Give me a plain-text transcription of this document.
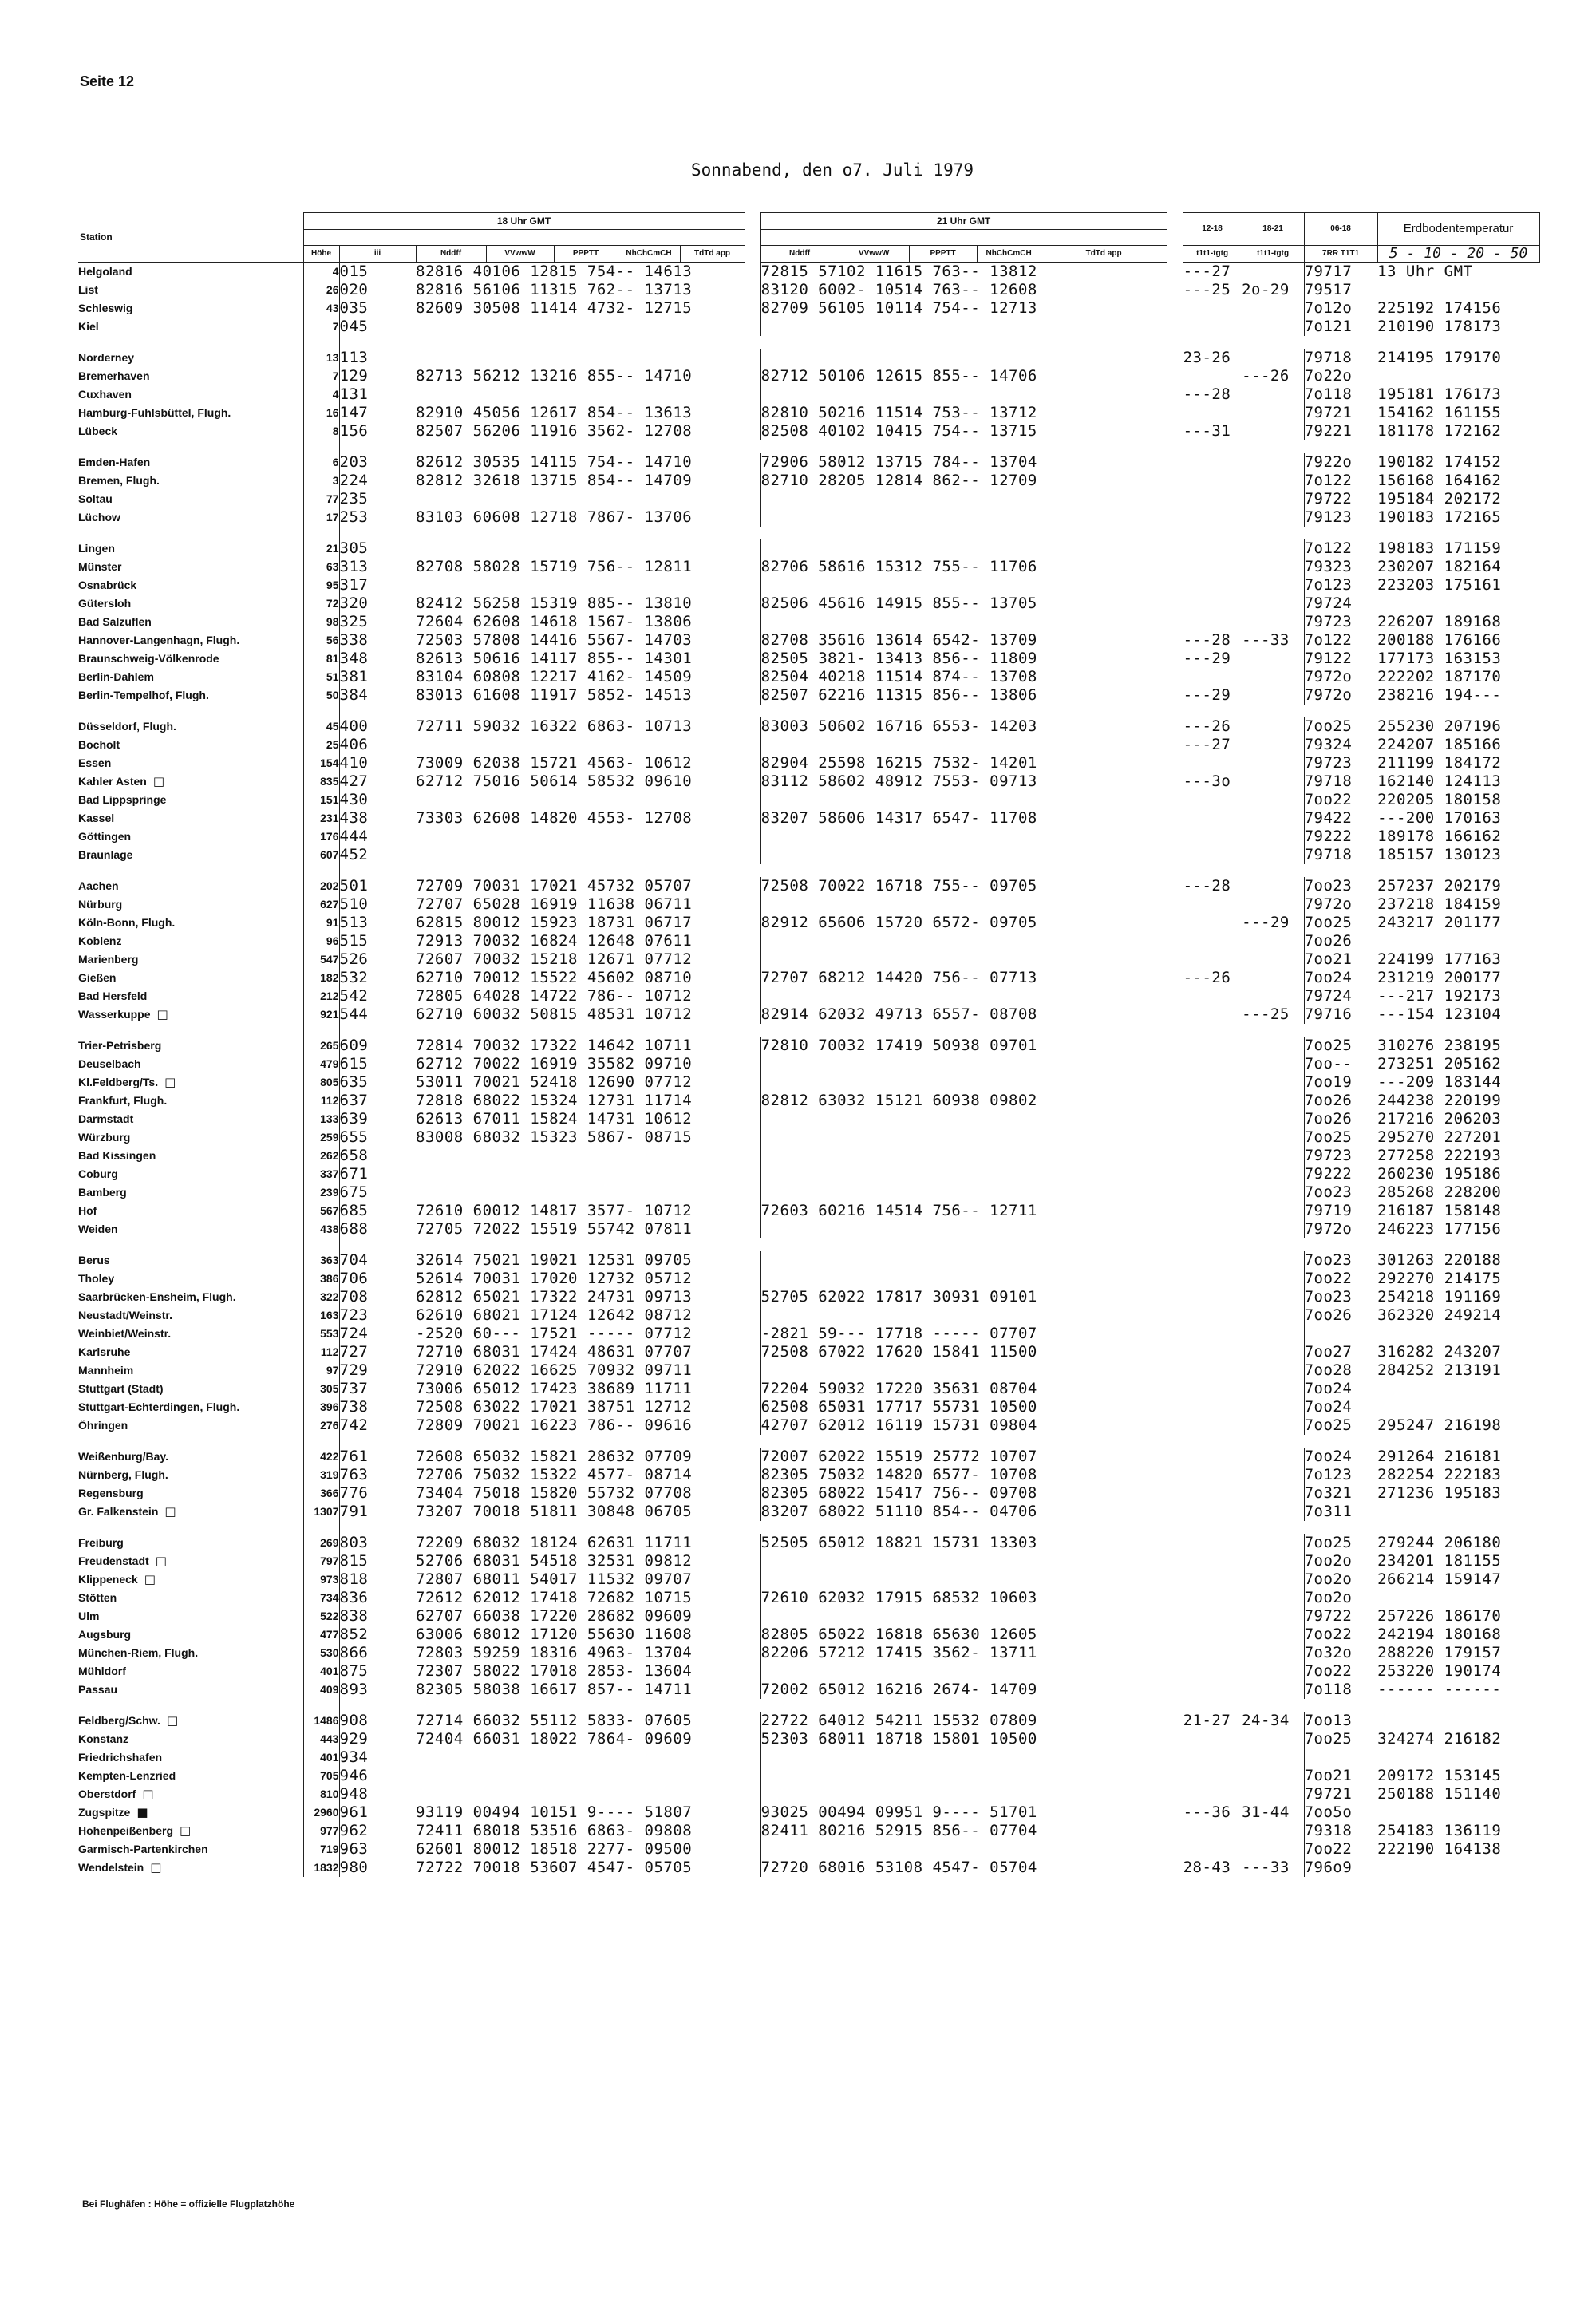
Seite 12
Sonnabend, den o7. Juli 1979
Station	18 Uhr GMT								21 Uhr GMT							12-18	18-21	06-18	Erdbodentemperatur

	Höhe	iii	Nddff	VVwwW	PPPTT	NhChCmCH	TdTd app		Nddff	VVwwW	PPPTT	NhChCmCH	TdTd app			t1t1-tgtg	t1t1-tgtg	7RR T1T1	5 - 10 - 20 - 50
Helgoland	4	015	82816 40106 12815 754-- 14613						72815 57102 11615 763-- 13812							---27		79717	13 Uhr GMT
List	26	020	82816 56106 11315 762-- 13713						83120 6002- 10514 763-- 12608							---25	2o-29	79517	
Schleswig	43	035	82609 30508 11414 4732- 12715						82709 56105 10114 754-- 12713									7o12o	225192 174156
Kiel	7	045																7o121	210190 178173

Norderney	13	113														23-26		79718	214195 179170
Bremerhaven	7	129	82713 56212 13216 855-- 14710						82712 50106 12615 855-- 14706								---26	7o22o	
Cuxhaven	4	131														---28		7o118	195181 176173
Hamburg-Fuhlsbüttel, Flugh.	16	147	82910 45056 12617 854-- 13613						82810 50216 11514 753-- 13712									79721	154162 161155
Lübeck	8	156	82507 56206 11916 3562- 12708						82508 40102 10415 754-- 13715							---31		79221	181178 172162

Emden-Hafen	6	203	82612 30535 14115 754-- 14710						72906 58012 13715 784-- 13704									7922o	190182 174152
Bremen, Flugh.	3	224	82812 32618 13715 854-- 14709						82710 28205 12814 862-- 12709									7o122	156168 164162
Soltau	77	235																79722	195184 202172
Lüchow	17	253	83103 60608 12718 7867- 13706															79123	190183 172165

Lingen	21	305																7o122	198183 171159
Münster	63	313	82708 58028 15719 756-- 12811						82706 58616 15312 755-- 11706									79323	230207 182164
Osnabrück	95	317																7o123	223203 175161
Gütersloh	72	320	82412 56258 15319 885-- 13810						82506 45616 14915 855-- 13705									79724	
Bad Salzuflen	98	325	72604 62608 14618 1567- 13806															79723	226207 189168
Hannover-Langenhagn, Flugh.	56	338	72503 57808 14416 5567- 14703						82708 35616 13614 6542- 13709							---28	---33	7o122	200188 176166
Braunschweig-Völkenrode	81	348	82613 50616 14117 855-- 14301						82505 3821- 13413 856-- 11809							---29		79122	177173 163153
Berlin-Dahlem	51	381	83104 60808 12217 4162- 14509						82504 40218 11514 874-- 13708									7972o	222202 187170
Berlin-Tempelhof, Flugh.	50	384	83013 61608 11917 5852- 14513						82507 62216 11315 856-- 13806							---29		7972o	238216 194---

Düsseldorf, Flugh.	45	400	72711 59032 16322 6863- 10713						83003 50602 16716 6553- 14203							---26		7oo25	255230 207196
Bocholt	25	406														---27		79324	224207 185166
Essen	154	410	73009 62038 15721 4563- 10612						82904 25598 16215 7532- 14201									79723	211199 184172
Kahler Asten □	835	427	62712 75016 50614 58532 09610						83112 58602 48912 7553- 09713							---3o		79718	162140 124113
Bad Lippspringe	151	430																7oo22	220205 180158
Kassel	231	438	73303 62608 14820 4553- 12708						83207 58606 14317 6547- 11708									79422	---200 170163
Göttingen	176	444																79222	189178 166162
Braunlage	607	452																79718	185157 130123

Aachen	202	501	72709 70031 17021 45732 05707						72508 70022 16718 755-- 09705							---28		7oo23	257237 202179
Nürburg	627	510	72707 65028 16919 11638 06711															7972o	237218 184159
Köln-Bonn, Flugh.	91	513	62815 80012 15923 18731 06717						82912 65606 15720 6572- 09705								---29	7oo25	243217 201177
Koblenz	96	515	72913 70032 16824 12648 07611															7oo26	
Marienberg	547	526	72607 70032 15218 12671 07712															7oo21	224199 177163
Gießen	182	532	62710 70012 15522 45602 08710						72707 68212 14420 756-- 07713							---26		7oo24	231219 200177
Bad Hersfeld	212	542	72805 64028 14722 786-- 10712															79724	---217 192173
Wasserkuppe □	921	544	62710 60032 50815 48531 10712						82914 62032 49713 6557- 08708								---25	79716	---154 123104

Trier-Petrisberg	265	609	72814 70032 17322 14642 10711						72810 70032 17419 50938 09701									7oo25	310276 238195
Deuselbach	479	615	62712 70022 16919 35582 09710															7oo--	273251 205162
Kl.Feldberg/Ts. □	805	635	53011 70021 52418 12690 07712															7oo19	---209 183144
Frankfurt, Flugh.	112	637	72818 68022 15324 12731 11714						82812 63032 15121 60938 09802									7oo26	244238 220199
Darmstadt	133	639	62613 67011 15824 14731 10612															7oo26	217216 206203
Würzburg	259	655	83008 68032 15323 5867- 08715															7oo25	295270 227201
Bad Kissingen	262	658																79723	277258 222193
Coburg	337	671																79222	260230 195186
Bamberg	239	675																7oo23	285268 228200
Hof	567	685	72610 60012 14817 3577- 10712						72603 60216 14514 756-- 12711									79719	216187 158148
Weiden	438	688	72705 72022 15519 55742 07811															7972o	246223 177156

Berus	363	704	32614 75021 19021 12531 09705															7oo23	301263 220188
Tholey	386	706	52614 70031 17020 12732 05712															7oo22	292270 214175
Saarbrücken-Ensheim, Flugh.	322	708	62812 65021 17322 24731 09713						52705 62022 17817 30931 09101									7oo23	254218 191169
Neustadt/Weinstr.	163	723	62610 68021 17124 12642 08712															7oo26	362320 249214
Weinbiet/Weinstr.	553	724	-2520 60--- 17521 ----- 07712						-2821 59--- 17718 ----- 07707										
Karlsruhe	112	727	72710 68031 17424 48631 07707						72508 67022 17620 15841 11500									7oo27	316282 243207
Mannheim	97	729	72910 62022 16625 70932 09711															7oo28	284252 213191
Stuttgart (Stadt)	305	737	73006 65012 17423 38689 11711						72204 59032 17220 35631 08704									7oo24	
Stuttgart-Echterdingen, Flugh.	396	738	72508 63022 17021 38751 12712						62508 65031 17717 55731 10500									7oo24	
Öhringen	276	742	72809 70021 16223 786-- 09616						42707 62012 16119 15731 09804									7oo25	295247 216198

Weißenburg/Bay.	422	761	72608 65032 15821 28632 07709						72007 62022 15519 25772 10707									7oo24	291264 216181
Nürnberg, Flugh.	319	763	72706 75032 15322 4577- 08714						82305 75032 14820 6577- 10708									7o123	282254 222183
Regensburg	366	776	73404 75018 15820 55732 07708						82305 68022 15417 756-- 09708									7o321	271236 195183
Gr. Falkenstein □	1307	791	73207 70018 51811 30848 06705						83207 68022 51110 854-- 04706									7o311	

Freiburg	269	803	72209 68032 18124 62631 11711						52505 65012 18821 15731 13303									7oo25	279244 206180
Freudenstadt □	797	815	52706 68031 54518 32531 09812															7oo2o	234201 181155
Klippeneck □	973	818	72807 68011 54017 11532 09707															7oo2o	266214 159147
Stötten	734	836	72612 62012 17418 72682 10715						72610 62032 17915 68532 10603									7oo2o	
Ulm	522	838	62707 66038 17220 28682 09609															79722	257226 186170
Augsburg	477	852	63006 68012 17120 55630 11608						82805 65022 16818 65630 12605									7oo22	242194 180168
München-Riem, Flugh.	530	866	72803 59259 18316 4963- 13704						82206 57212 17415 3562- 13711									7o32o	288220 179157
Mühldorf	401	875	72307 58022 17018 2853- 13604															7oo22	253220 190174
Passau	409	893	82305 58038 16617 857-- 14711						72002 65012 16216 2674- 14709									7o118	------ ------

Feldberg/Schw. □	1486	908	72714 66032 55112 5833- 07605						22722 64012 54211 15532 07809							21-27	24-34	7oo13	
Konstanz	443	929	72404 66031 18022 7864- 09609						52303 68011 18718 15801 10500									7oo25	324274 216182
Friedrichshafen	401	934																	
Kempten-Lenzried	705	946																7oo21	209172 153145
Oberstdorf □	810	948																79721	250188 151140
Zugspitze ■	2960	961	93119 00494 10151 9---- 51807						93025 00494 09951 9---- 51701							---36	31-44	7oo5o	
Hohenpeißenberg □	977	962	72411 68018 53516 6863- 09808						82411 80216 52915 856-- 07704									79318	254183 136119
Garmisch-Partenkirchen	719	963	62601 80012 18518 2277- 09500															7oo22	222190 164138
Wendelstein □	1832	980	72722 70018 53607 4547- 05705						72720 68016 53108 4547- 05704							28-43	---33	796o9	
Bei Flughäfen : Höhe = offizielle Flugplatzhöhe
